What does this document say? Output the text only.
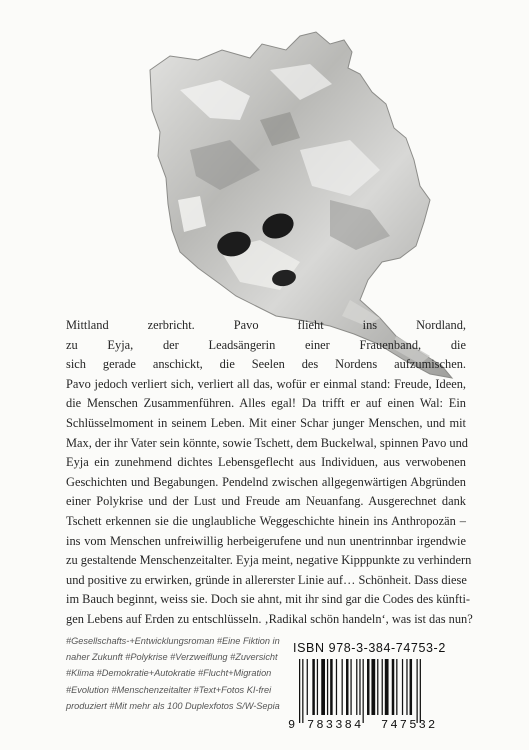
Mittland zerbricht. Pavo flieht ins Nordland,
zu Eyja, der Leadsängerin einer Frauenband, die
sich gerade anschickt, die Seelen des Nordens aufzumischen.
Pavo jedoch verliert sich, verliert all das, wofür er einmal stand: Freude, Ideen,
die Menschen Zusammenführen. Alles egal! Da trifft er auf einen Wal: Ein
Schlüsselmoment in seinem Leben. Mit einer Schar junger Menschen, und mit
Max, der ihr Vater sein könnte, sowie Tschett, dem Buckelwal, spinnen Pavo und
Eyja ein zunehmend dichtes Lebensgeflecht aus Individuen, aus verwobenen
Geschichten und Begabungen. Pendelnd zwischen allgegenwärtigen Abgründen
einer Polykrise und der Lust und Freude am Neuanfang. Ausgerechnet dank
Tschett erkennen sie die unglaubliche Weggeschichte hinein ins Anthropozän –
ins vom Menschen unfreiwillig herbeigerufene und nun unentrinnbar irgendwie
zu gestaltende Menschenzeitalter. Eyja meint, negative Kipppunkte zu verhindern
und positive zu erwirken, gründe in allererster Linie auf… Schönheit. Dass diese
im Bauch beginnt, weiss sie. Doch sie ahnt, mit ihr sind gar die Codes des künfti-
gen Lebens auf Erden zu entschlüsseln. ‚Radikal schön handeln‘, was ist das nun?
#Gesellschafts-+Entwicklungsroman #Eine Fiktion in
naher Zukunft #Polykrise #Verzweiflung #Zuversicht
#Klima #Demokratie+Autokratie #Flucht+Migration
#Evolution #Menschenzeitalter #Text+Fotos KI-frei
produziert #Mit mehr als 100 Duplexfotos S/W-Sepia
ISBN 978-3-384-74753-2
9 783384 747532
